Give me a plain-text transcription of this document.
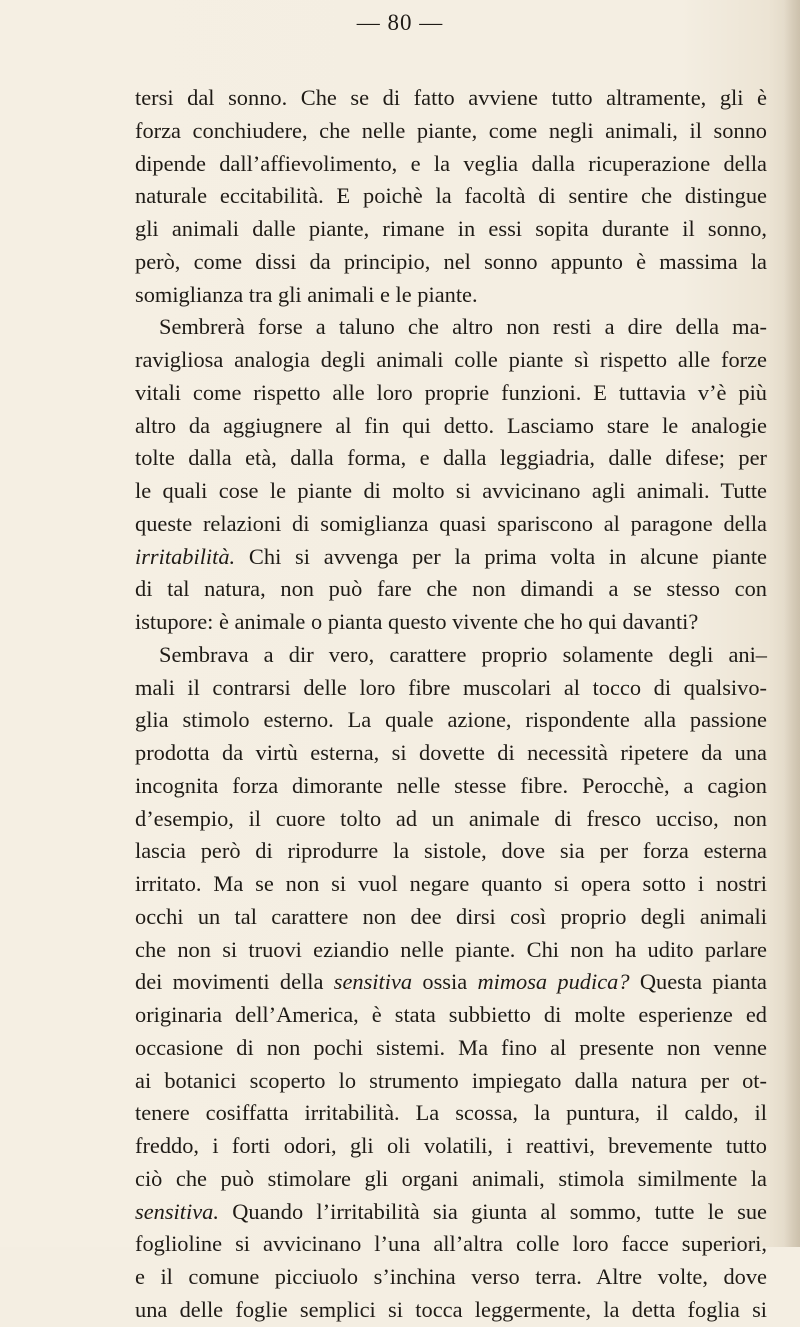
— 80 —
tersi dal sonno. Che se di fatto avviene tutto altramente, gli è
forza conchiudere, che nelle piante, come negli animali, il sonno
dipende dall’affievolimento, e la veglia dalla ricuperazione della
naturale eccitabilità. E poichè la facoltà di sentire che distingue
gli animali dalle piante, rimane in essi sopita durante il sonno,
però, come dissi da principio, nel sonno appunto è massima la
somiglianza tra gli animali e le piante.
Sembrerà forse a taluno che altro non resti a dire della ma-
ravigliosa analogia degli animali colle piante sì rispetto alle forze
vitali come rispetto alle loro proprie funzioni. E tuttavia v’è più
altro da aggiugnere al fin qui detto. Lasciamo stare le analogie
tolte dalla età, dalla forma, e dalla leggiadria, dalle difese; per
le quali cose le piante di molto si avvicinano agli animali. Tutte
queste relazioni di somiglianza quasi spariscono al paragone della
irritabilità. Chi si avvenga per la prima volta in alcune piante
di tal natura, non può fare che non dimandi a se stesso con
istupore: è animale o pianta questo vivente che ho qui davanti?
Sembrava a dir vero, carattere proprio solamente degli ani–
mali il contrarsi delle loro fibre muscolari al tocco di qualsivo-
glia stimolo esterno. La quale azione, rispondente alla passione
prodotta da virtù esterna, si dovette di necessità ripetere da una
incognita forza dimorante nelle stesse fibre. Perocchè, a cagion
d’esempio, il cuore tolto ad un animale di fresco ucciso, non
lascia però di riprodurre la sistole, dove sia per forza esterna
irritato. Ma se non si vuol negare quanto si opera sotto i nostri
occhi un tal carattere non dee dirsi così proprio degli animali
che non si truovi eziandio nelle piante. Chi non ha udito parlare
dei movimenti della sensitiva ossia mimosa pudica? Questa pianta
originaria dell’America, è stata subbietto di molte esperienze ed
occasione di non pochi sistemi. Ma fino al presente non venne
ai botanici scoperto lo strumento impiegato dalla natura per ot-
tenere cosiffatta irritabilità. La scossa, la puntura, il caldo, il
freddo, i forti odori, gli oli volatili, i reattivi, brevemente tutto
ciò che può stimolare gli organi animali, stimola similmente la
sensitiva. Quando l’irritabilità sia giunta al sommo, tutte le sue
foglioline si avvicinano l’una all’altra colle loro facce superiori,
e il comune picciuolo s’inchina verso terra. Altre volte, dove
una delle foglie semplici si tocca leggermente, la detta foglia si
